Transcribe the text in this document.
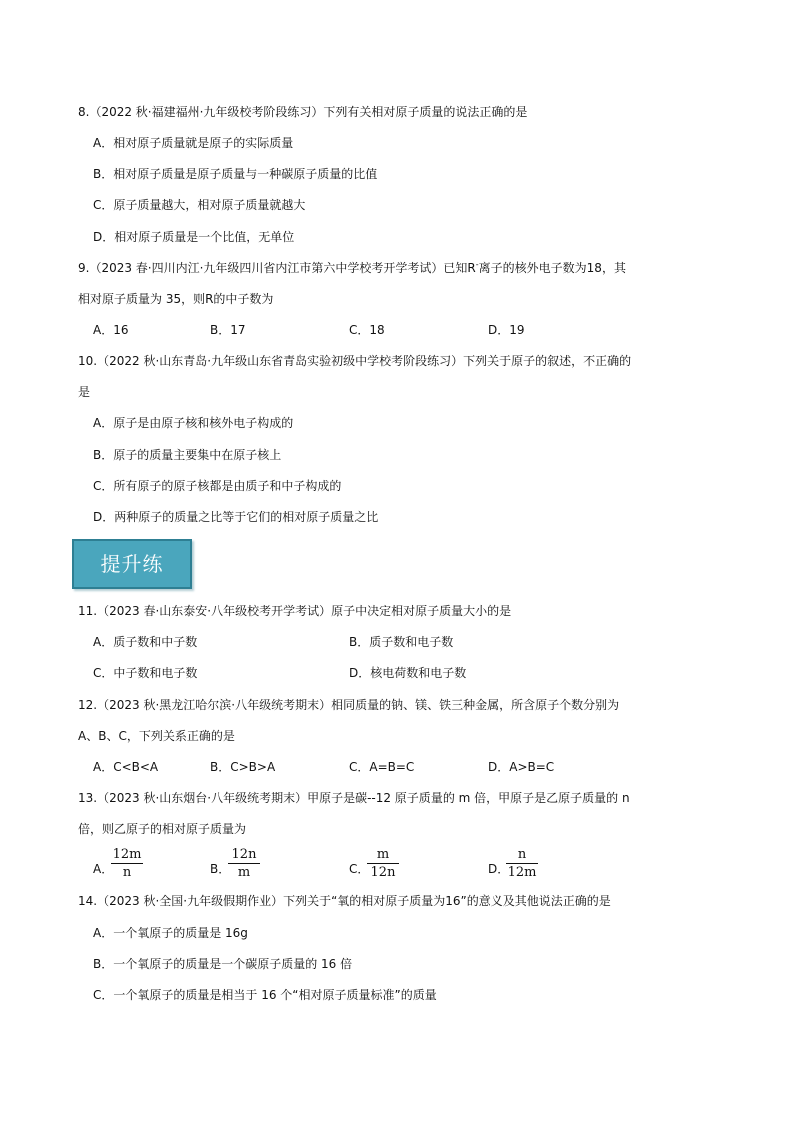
8.（2022 秋·福建福州·九年级校考阶段练习）下列有关相对原子质量的说法正确的是
A．相对原子质量就是原子的实际质量
B．相对原子质量是原子质量与一种碳原子质量的比值
C．原子质量越大，相对原子质量就越大
D．相对原子质量是一个比值，无单位
9.（2023 春·四川内江·九年级四川省内江市第六中学校考开学考试）已知R-离子的核外电子数为18，其
相对原子质量为 35，则R的中子数为
A．16	B．17	C．18	D．19
10.（2022 秋·山东青岛·九年级山东省青岛实验初级中学校考阶段练习）下列关于原子的叙述，不正确的
是
A．原子是由原子核和核外电子构成的
B．原子的质量主要集中在原子核上
C．所有原子的原子核都是由质子和中子构成的
D．两种原子的质量之比等于它们的相对原子质量之比
提升练
11.（2023 春·山东泰安·八年级校考开学考试）原子中决定相对原子质量大小的是
A．质子数和中子数	B．质子数和电子数
C．中子数和电子数	D．核电荷数和电子数
12.（2023 秋·黑龙江哈尔滨·八年级统考期末）相同质量的钠、镁、铁三种金属，所含原子个数分别为
A、B、C，下列关系正确的是
A．C<B<A	B．C>B>A	C．A=B=C	D．A>B=C
13.（2023 秋·山东烟台·八年级统考期末）甲原子是碳--12 原子质量的 m 倍，甲原子是乙原子质量的 n
倍，则乙原子的相对原子质量为
A．
$\frac{12m}{n}$	B．
$\frac{12n}{m}$	C．
$\frac{m}{12n}$	D．
$\frac{n}{12m}$
14.（2023 秋·全国·九年级假期作业）下列关于“氧的相对原子质量为16”的意义及其他说法正确的是
A．一个氧原子的质量是 16g
B．一个氧原子的质量是一个碳原子质量的 16 倍
C．一个氧原子的质量是相当于 16 个“相对原子质量标准”的质量
